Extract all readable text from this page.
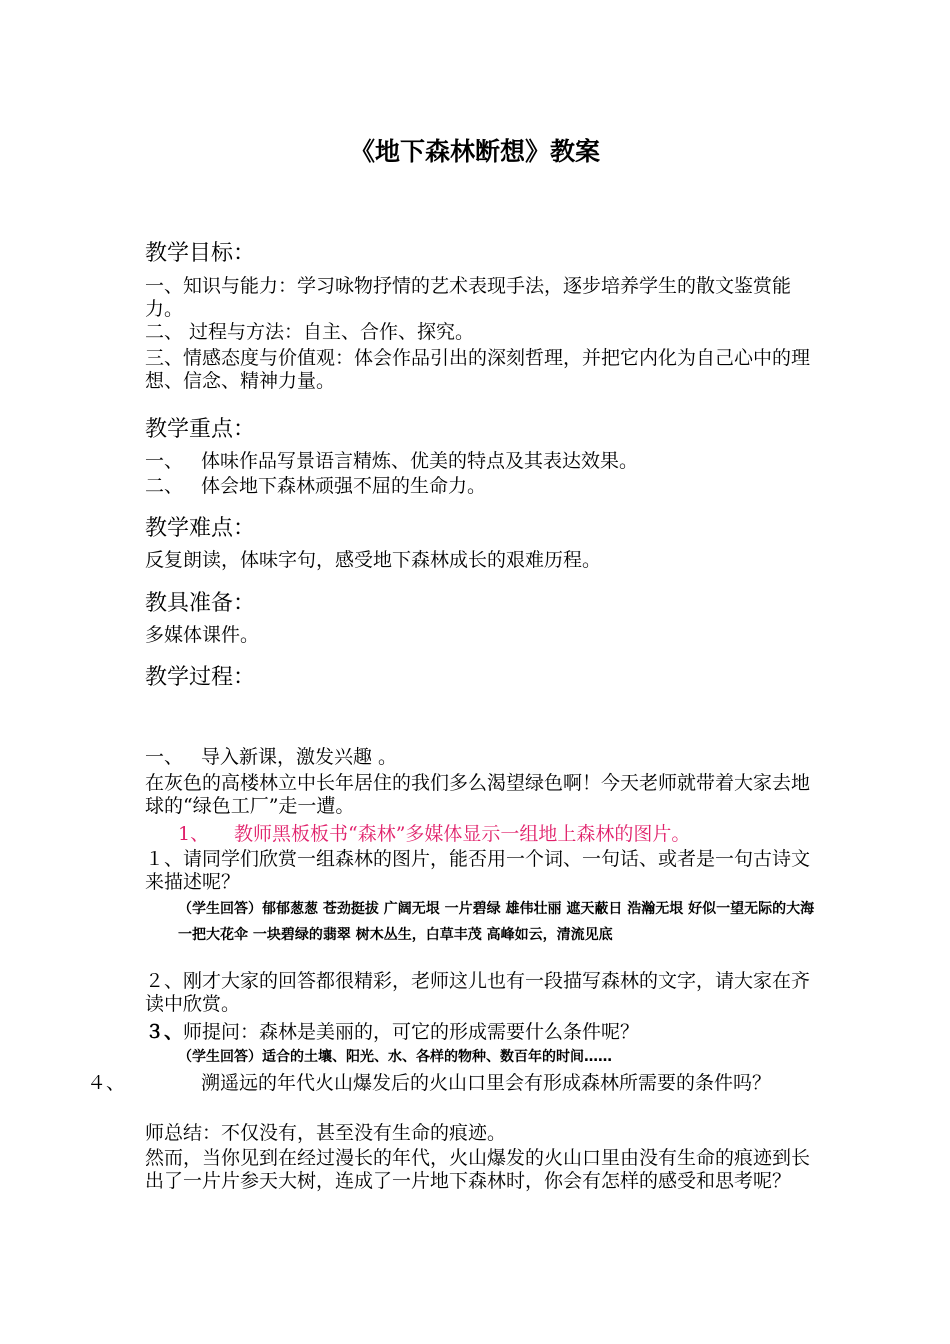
《地下森林断想》教案
教学目标：
一、知识与能力：学习咏物抒情的艺术表现手法，逐步培养学生的散文鉴赏能力。
二、 过程与方法：自主、合作、探究。
三、情感态度与价值观：体会作品引出的深刻哲理，并把它内化为自己心中的理想、信念、精神力量。
教学重点：
一、 体味作品写景语言精炼、优美的特点及其表达效果。
二、 体会地下森林顽强不屈的生命力。
教学难点：
反复朗读，体味字句，感受地下森林成长的艰难历程。
教具准备：
多媒体课件。
教学过程：
一、 导入新课，激发兴趣 。
在灰色的高楼林立中长年居住的我们多么渴望绿色啊！今天老师就带着大家去地球的“绿色工厂”走一遭。
1、 教师黑板板书“森林”多媒体显示一组地上森林的图片。
１、请同学们欣赏一组森林的图片，能否用一个词、一句话、或者是一句古诗文来描述呢？
（学生回答）郁郁葱葱 苍劲挺拔 广阔无垠 一片碧绿 雄伟壮丽 遮天蔽日 浩瀚无垠 好似一望无际的大海 一把大花伞 一块碧绿的翡翠 树木丛生，白草丰茂 高峰如云，清流见底
２、刚才大家的回答都很精彩，老师这儿也有一段描写森林的文字，请大家在齐读中欣赏。
３、师提问：森林是美丽的，可它的形成需要什么条件呢？
（学生回答）适合的土壤、阳光、水、各样的物种、数百年的时间……
４、	溯遥远的年代火山爆发后的火山口里会有形成森林所需要的条件吗？
师总结：不仅没有，甚至没有生命的痕迹。
然而，当你见到在经过漫长的年代，火山爆发的火山口里由没有生命的痕迹到长出了一片片参天大树，连成了一片地下森林时，你会有怎样的感受和思考呢？
